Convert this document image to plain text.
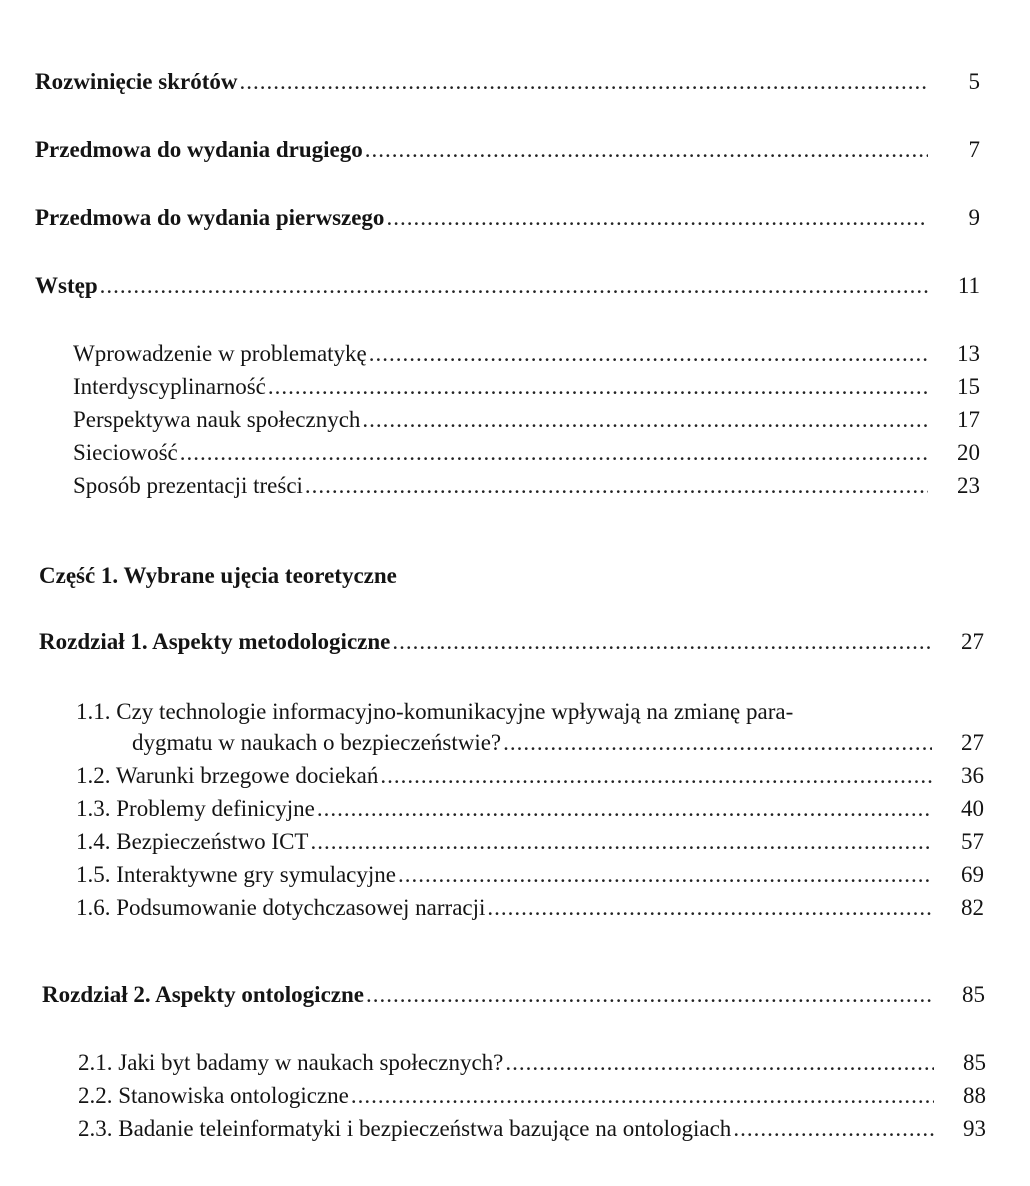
Rozwinięcie skrótów .....	5
Przedmowa do wydania drugiego .....	7
Przedmowa do wydania pierwszego .....	9
Wstęp .....	11
Wprowadzenie w problematykę .....	13
Interdyscyplinarność .....	15
Perspektywa nauk społecznych .....	17
Sieciowość .....	20
Sposób prezentacji treści .....	23
Część 1. Wybrane ujęcia teoretyczne
Rozdział 1. Aspekty metodologiczne .....	27
1.1. Czy technologie informacyjno-komunikacyjne wpływają na zmianę para-
dygmatu w naukach o bezpieczeństwie? .....	27
1.2. Warunki brzegowe dociekań .....	36
1.3. Problemy definicyjne .....	40
1.4. Bezpieczeństwo ICT .....	57
1.5. Interaktywne gry symulacyjne .....	69
1.6. Podsumowanie dotychczasowej narracji .....	82
Rozdział 2. Aspekty ontologiczne .....	85
2.1. Jaki byt badamy w naukach społecznych? .....	85
2.2. Stanowiska ontologiczne .....	88
2.3. Badanie teleinformatyki i bezpieczeństwa bazujące na ontologiach .....	93
